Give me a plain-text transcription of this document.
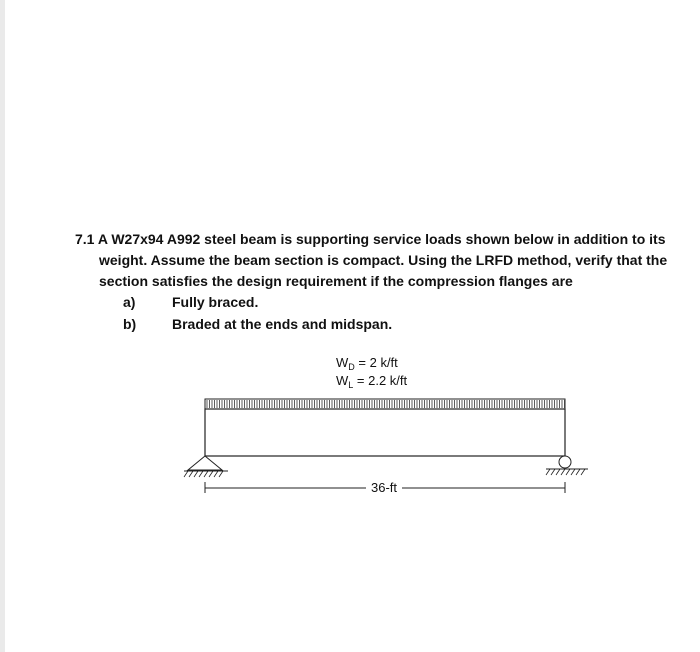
7.1 A W27x94 A992 steel beam is supporting service loads shown below in addition to its
weight. Assume the beam section is compact. Using the LRFD method, verify that the
section satisfies the design requirement if the compression flanges are
a)	Fully braced.
b)	Braded at the ends and midspan.
$W_D = 2$ k/ft
$W_L = 2.2$ k/ft
36-ft
